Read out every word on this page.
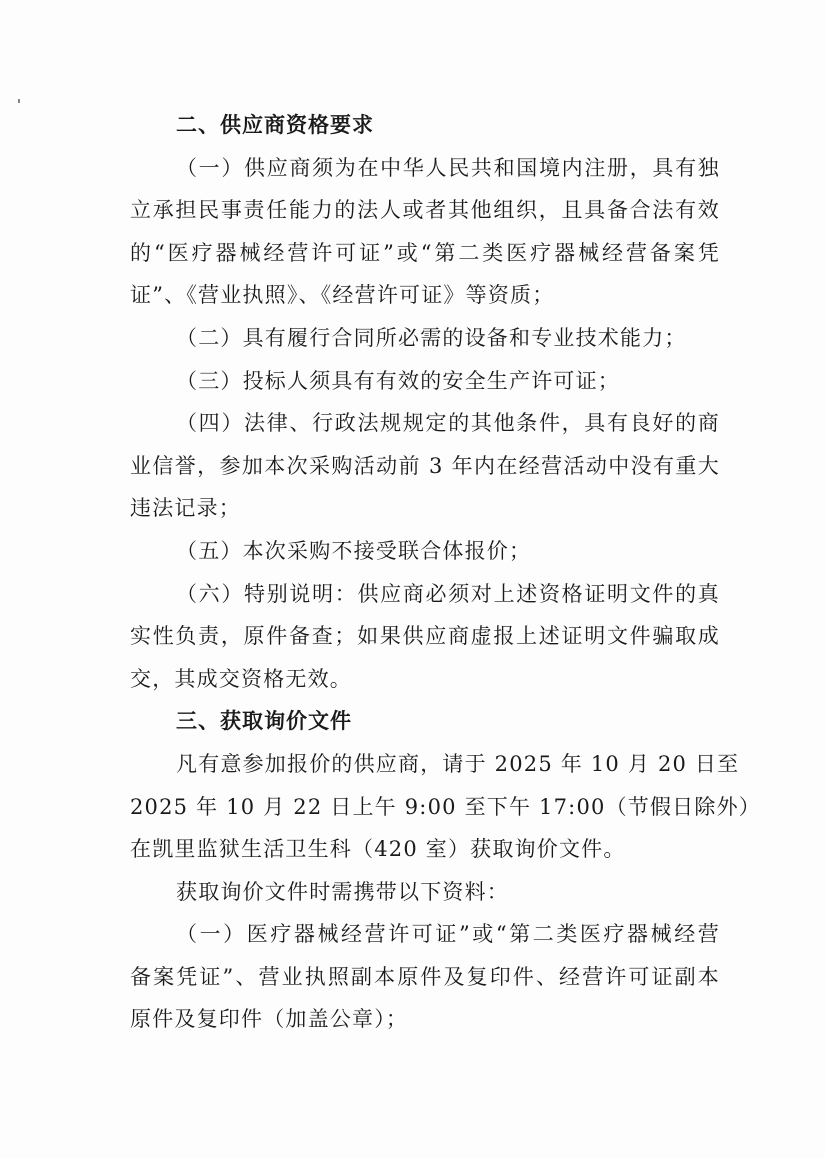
二、供应商资格要求
（一）供应商须为在中华人民共和国境内注册，具有独
立承担民事责任能力的法人或者其他组织，且具备合法有效
的“医疗器械经营许可证”或“第二类医疗器械经营备案凭
证”、《营业执照》、《经营许可证》等资质；
（二）具有履行合同所必需的设备和专业技术能力；
（三）投标人须具有有效的安全生产许可证；
（四）法律、行政法规规定的其他条件，具有良好的商
业信誉，参加本次采购活动前 3 年内在经营活动中没有重大
违法记录；
（五）本次采购不接受联合体报价；
（六）特别说明：供应商必须对上述资格证明文件的真
实性负责，原件备查；如果供应商虚报上述证明文件骗取成
交，其成交资格无效。
三、获取询价文件
凡有意参加报价的供应商，请于 2025 年 10 月 20 日至
2025 年 10 月 22 日上午 9:00 至下午 17:00（节假日除外）
在凯里监狱生活卫生科（420 室）获取询价文件。
获取询价文件时需携带以下资料：
（一）医疗器械经营许可证”或“第二类医疗器械经营
备案凭证”、营业执照副本原件及复印件、经营许可证副本
原件及复印件（加盖公章）；
